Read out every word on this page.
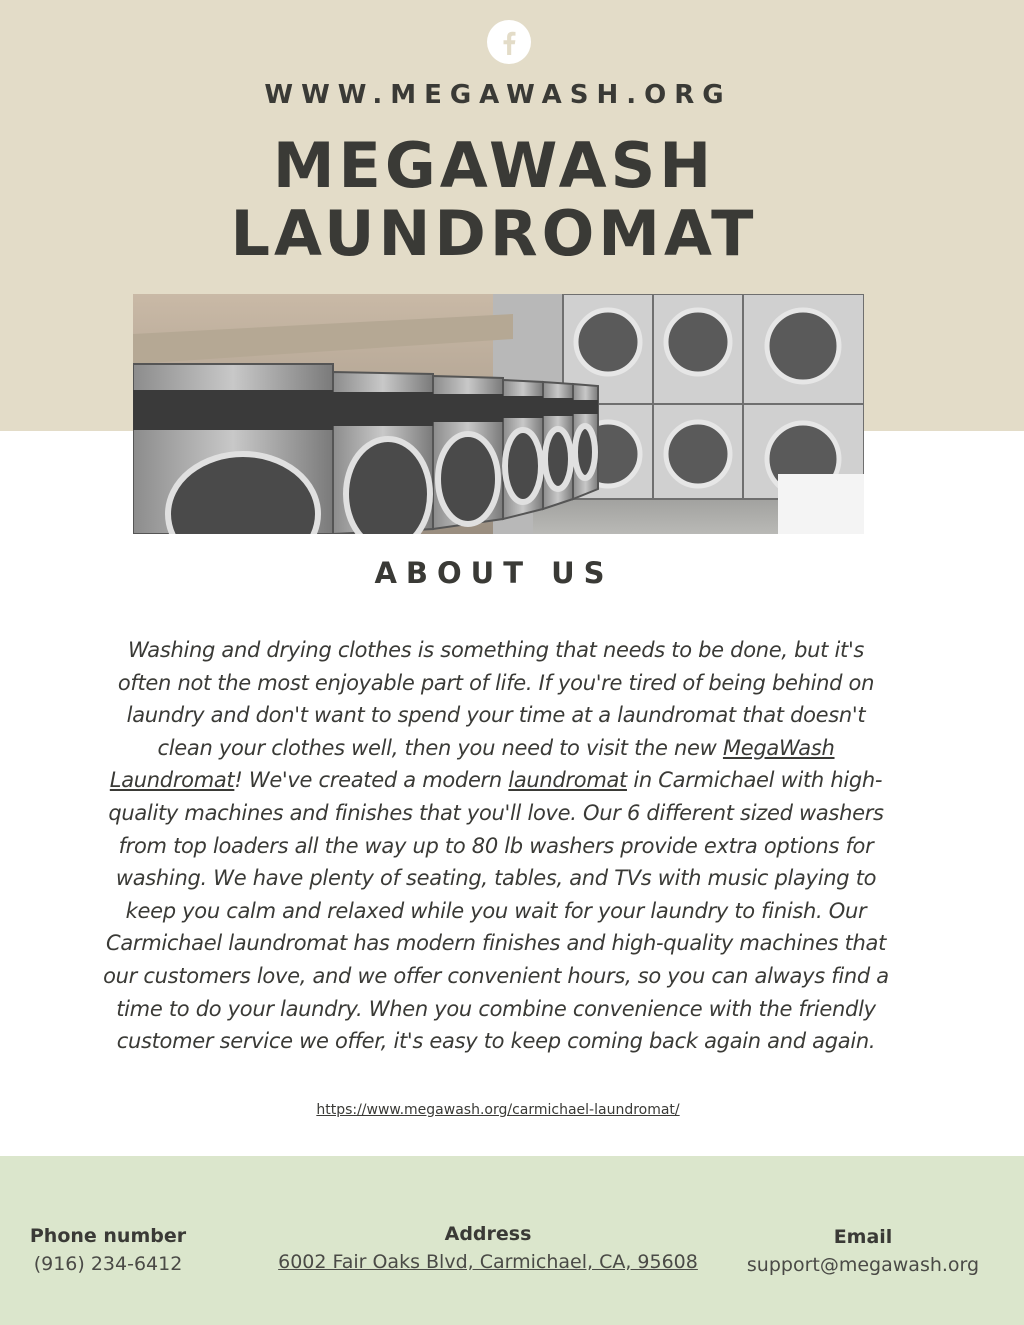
WWW.MEGAWASH.ORG
MEGAWASH
LAUNDROMAT
ABOUT US
Washing and drying clothes is something that needs to be done, but it's often not the most enjoyable part of life. If you're tired of being behind on laundry and don't want to spend your time at a laundromat that doesn't clean your clothes well, then you need to visit the new MegaWash Laundromat! We've created a modern laundromat in Carmichael with high-quality machines and finishes that you'll love. Our 6 different sized washers from top loaders all the way up to 80 lb washers provide extra options for washing. We have plenty of seating, tables, and TVs with music playing to keep you calm and relaxed while you wait for your laundry to finish. Our Carmichael laundromat has modern finishes and high-quality machines that our customers love, and we offer convenient hours, so you can always find a time to do your laundry. When you combine convenience with the friendly customer service we offer, it's easy to keep coming back again and again.
https://www.megawash.org/carmichael-laundromat/
Phone number
(916) 234-6412
Address
6002 Fair Oaks Blvd, Carmichael, CA, 95608
Email
support@megawash.org
